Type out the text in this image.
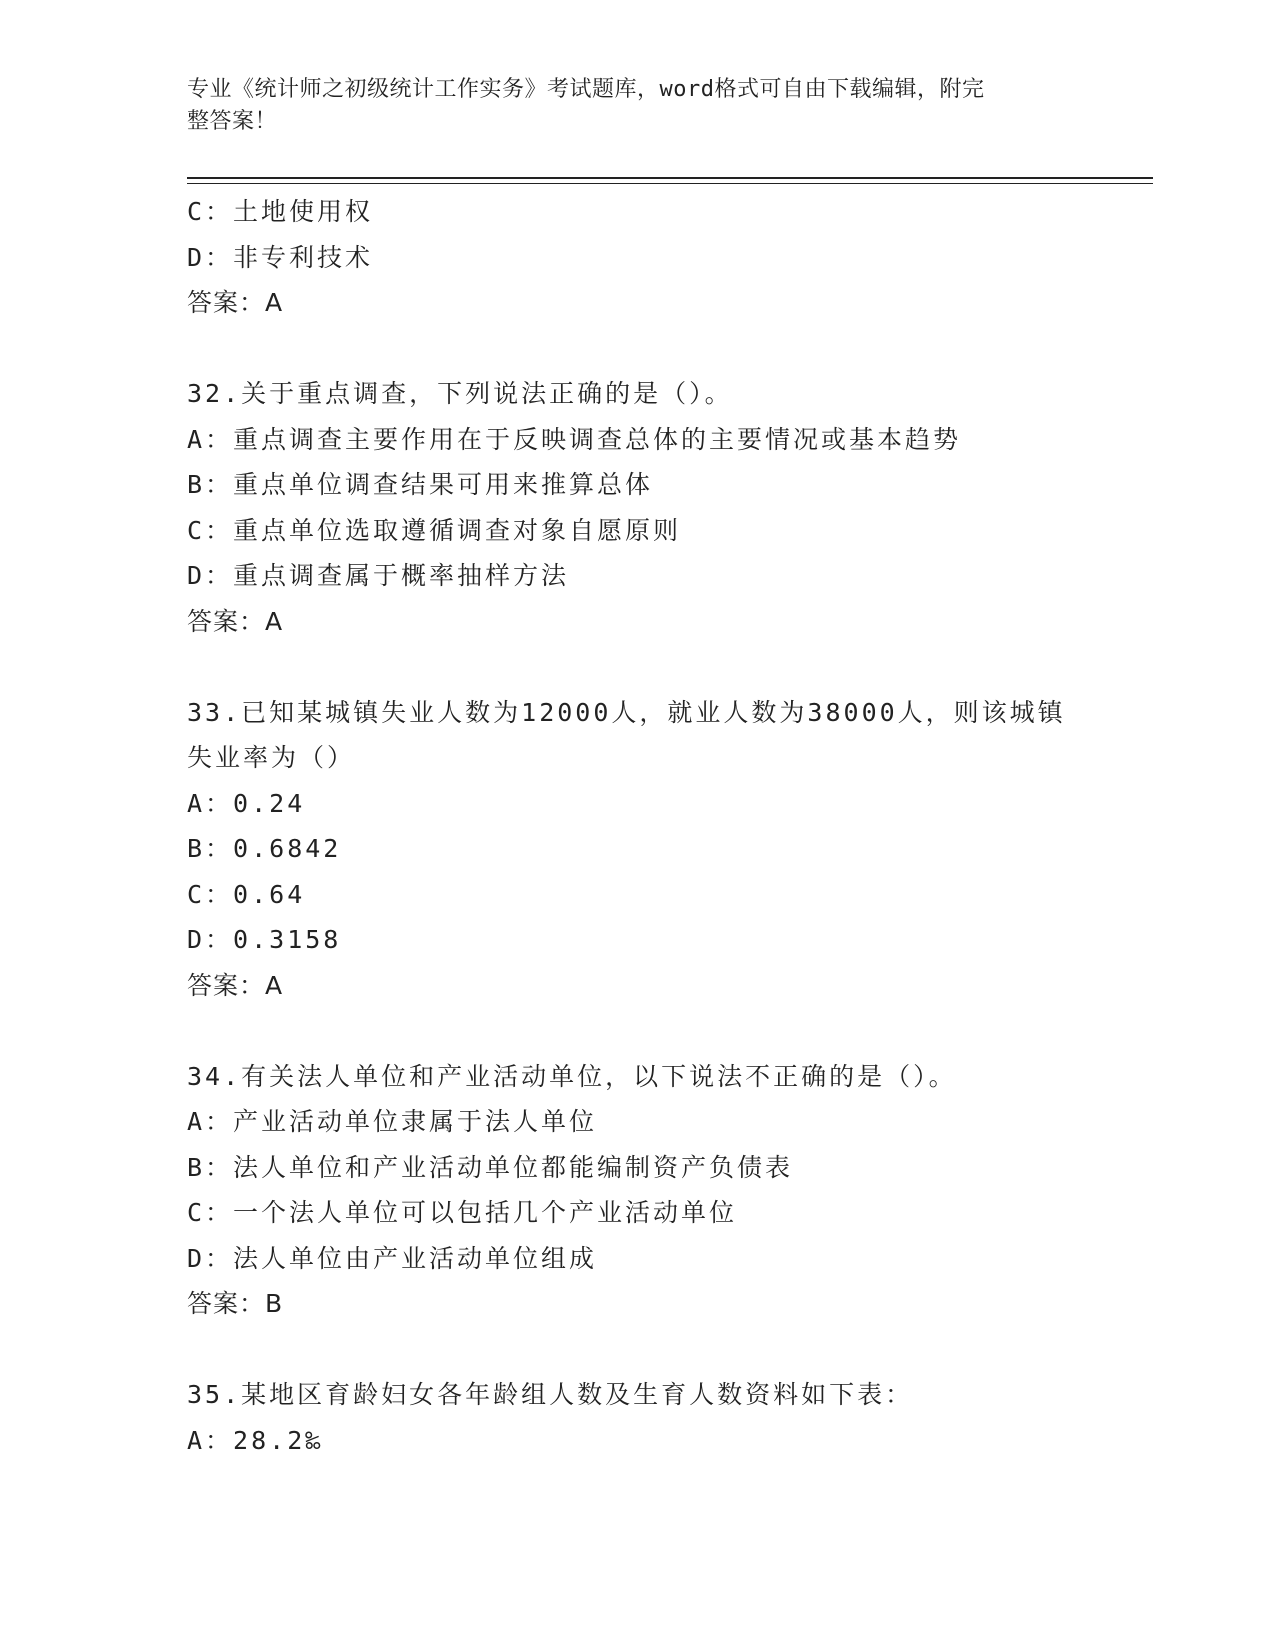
专业《统计师之初级统计工作实务》考试题库，word格式可自由下载编辑，附完
整答案！
C：土地使用权
D：非专利技术
答案：A
32.关于重点调查，下列说法正确的是（）。
A：重点调查主要作用在于反映调查总体的主要情况或基本趋势
B：重点单位调查结果可用来推算总体
C：重点单位选取遵循调查对象自愿原则
D：重点调查属于概率抽样方法
答案：A
33.已知某城镇失业人数为12000人，就业人数为38000人，则该城镇
失业率为（）
A：0.24
B：0.6842
C：0.64
D：0.3158
答案：A
34.有关法人单位和产业活动单位，以下说法不正确的是（）。
A：产业活动单位隶属于法人单位
B：法人单位和产业活动单位都能编制资产负债表
C：一个法人单位可以包括几个产业活动单位
D：法人单位由产业活动单位组成
答案：B
35.某地区育龄妇女各年龄组人数及生育人数资料如下表：
A：28.2‰
